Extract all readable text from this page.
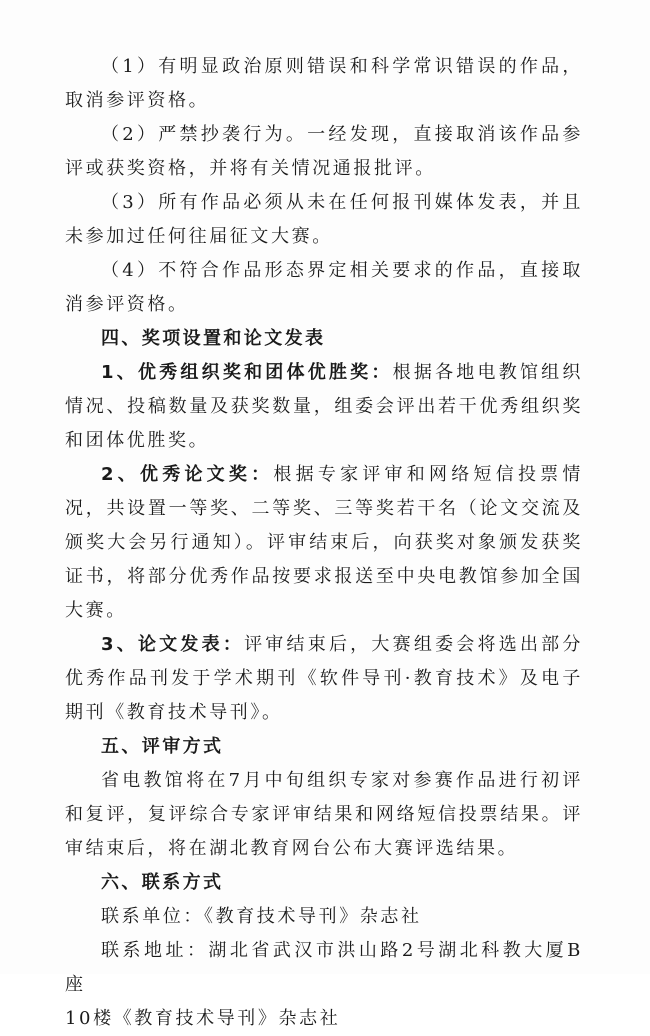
（1）有明显政治原则错误和科学常识错误的作品，取消参评资格。

（2）严禁抄袭行为。一经发现，直接取消该作品参评或获奖资格，并将有关情况通报批评。

（3）所有作品必须从未在任何报刊媒体发表，并且未参加过任何往届征文大赛。

（4）不符合作品形态界定相关要求的作品，直接取消参评资格。

四、奖项设置和论文发表

1、优秀组织奖和团体优胜奖：根据各地电教馆组织情况、投稿数量及获奖数量，组委会评出若干优秀组织奖和团体优胜奖。

2、优秀论文奖：根据专家评审和网络短信投票情况，共设置一等奖、二等奖、三等奖若干名（论文交流及颁奖大会另行通知）。评审结束后，向获奖对象颁发获奖证书，将部分优秀作品按要求报送至中央电教馆参加全国大赛。

3、论文发表：评审结束后，大赛组委会将选出部分优秀作品刊发于学术期刊《软件导刊·教育技术》及电子期刊《教育技术导刊》。

五、评审方式

省电教馆将在7月中旬组织专家对参赛作品进行初评和复评，复评综合专家评审结果和网络短信投票结果。评审结束后，将在湖北教育网台公布大赛评选结果。

六、联系方式

联系单位：《教育技术导刊》杂志社

联系地址：湖北省武汉市洪山路2号湖北科教大厦B座

10楼《教育技术导刊》杂志社
